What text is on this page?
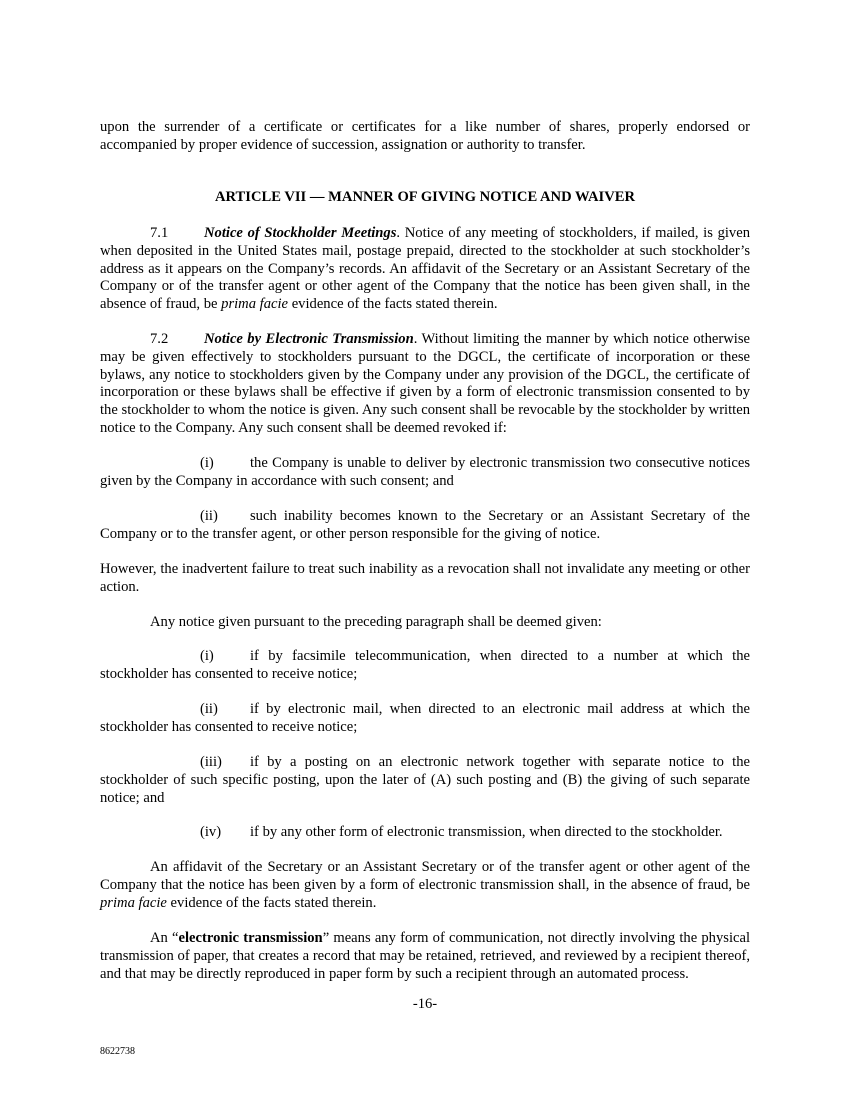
upon the surrender of a certificate or certificates for a like number of shares, properly endorsed or accompanied by proper evidence of succession, assignation or authority to transfer.

ARTICLE VII — MANNER OF GIVING NOTICE AND WAIVER

7.1 Notice of Stockholder Meetings. Notice of any meeting of stockholders, if mailed, is given when deposited in the United States mail, postage prepaid, directed to the stockholder at such stockholder’s address as it appears on the Company’s records. An affidavit of the Secretary or an Assistant Secretary of the Company or of the transfer agent or other agent of the Company that the notice has been given shall, in the absence of fraud, be prima facie evidence of the facts stated therein.

7.2 Notice by Electronic Transmission. Without limiting the manner by which notice otherwise may be given effectively to stockholders pursuant to the DGCL, the certificate of incorporation or these bylaws, any notice to stockholders given by the Company under any provision of the DGCL, the certificate of incorporation or these bylaws shall be effective if given by a form of electronic transmission consented to by the stockholder to whom the notice is given. Any such consent shall be revocable by the stockholder by written notice to the Company. Any such consent shall be deemed revoked if:

(i) the Company is unable to deliver by electronic transmission two consecutive notices given by the Company in accordance with such consent; and

(ii) such inability becomes known to the Secretary or an Assistant Secretary of the Company or to the transfer agent, or other person responsible for the giving of notice.

However, the inadvertent failure to treat such inability as a revocation shall not invalidate any meeting or other action.

Any notice given pursuant to the preceding paragraph shall be deemed given:

(i) if by facsimile telecommunication, when directed to a number at which the stockholder has consented to receive notice;

(ii) if by electronic mail, when directed to an electronic mail address at which the stockholder has consented to receive notice;

(iii) if by a posting on an electronic network together with separate notice to the stockholder of such specific posting, upon the later of (A) such posting and (B) the giving of such separate notice; and

(iv) if by any other form of electronic transmission, when directed to the stockholder.

An affidavit of the Secretary or an Assistant Secretary or of the transfer agent or other agent of the Company that the notice has been given by a form of electronic transmission shall, in the absence of fraud, be prima facie evidence of the facts stated therein.

An “electronic transmission” means any form of communication, not directly involving the physical transmission of paper, that creates a record that may be retained, retrieved, and reviewed by a recipient thereof, and that may be directly reproduced in paper form by such a recipient through an automated process.

-16-

8622738
